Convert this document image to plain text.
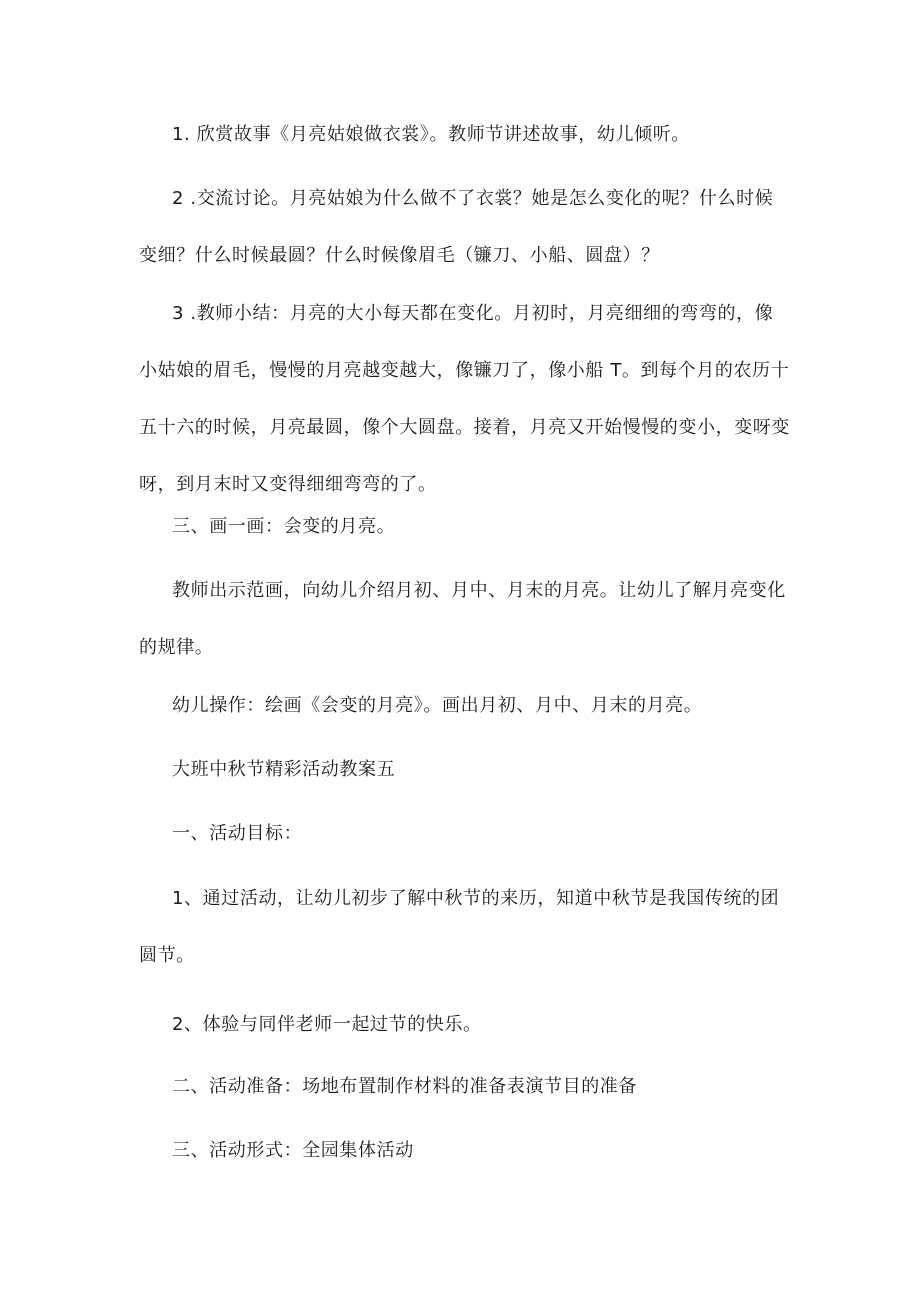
1. 欣赏故事《月亮姑娘做衣裳》。教师节讲述故事，幼儿倾听。

2 .交流讨论。月亮姑娘为什么做不了衣裳？她是怎么变化的呢？什么时候
变细？什么时候最圆？什么时候像眉毛（镰刀、小船、圆盘）？

3 .教师小结：月亮的大小每天都在变化。月初时，月亮细细的弯弯的，像
小姑娘的眉毛，慢慢的月亮越变越大，像镰刀了，像小船 T。到每个月的农历十
五十六的时候，月亮最圆，像个大圆盘。接着，月亮又开始慢慢的变小，变呀变
呀，到月末时又变得细细弯弯的了。

三、画一画：会变的月亮。

教师出示范画，向幼儿介绍月初、月中、月末的月亮。让幼儿了解月亮变化
的规律。

幼儿操作：绘画《会变的月亮》。画出月初、月中、月末的月亮。

大班中秋节精彩活动教案五

一、活动目标：

1、通过活动，让幼儿初步了解中秋节的来历，知道中秋节是我国传统的团
圆节。

2、体验与同伴老师一起过节的快乐。

二、活动准备：场地布置制作材料的准备表演节目的准备

三、活动形式：全园集体活动
